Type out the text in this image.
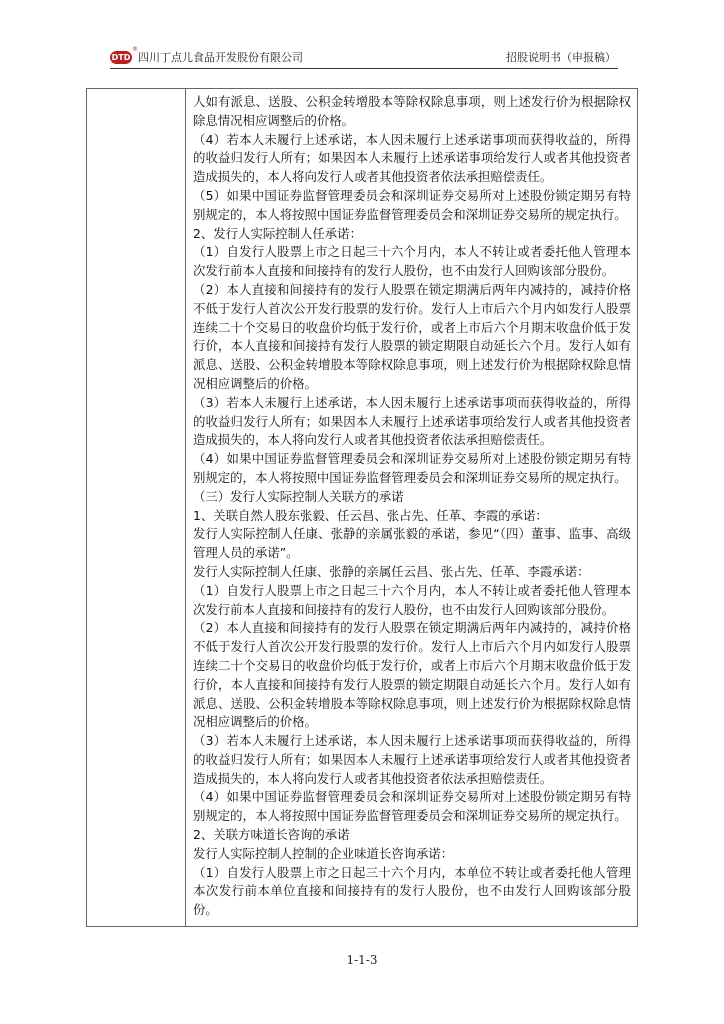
DTD
®
四川丁点儿食品开发股份有限公司	招股说明书（申报稿）

人如有派息、送股、公积金转增股本等除权除息事项，则上述发行价为根据除权除息情况相应调整后的价格。

（4）若本人未履行上述承诺，本人因未履行上述承诺事项而获得收益的，所得的收益归发行人所有；如果因本人未履行上述承诺事项给发行人或者其他投资者造成损失的，本人将向发行人或者其他投资者依法承担赔偿责任。

（5）如果中国证券监督管理委员会和深圳证券交易所对上述股份锁定期另有特别规定的，本人将按照中国证券监督管理委员会和深圳证券交易所的规定执行。

2、发行人实际控制人任承诺：

（1）自发行人股票上市之日起三十六个月内，本人不转让或者委托他人管理本次发行前本人直接和间接持有的发行人股份，也不由发行人回购该部分股份。

（2）本人直接和间接持有的发行人股票在锁定期满后两年内减持的，减持价格不低于发行人首次公开发行股票的发行价。发行人上市后六个月内如发行人股票连续二十个交易日的收盘价均低于发行价，或者上市后六个月期末收盘价低于发行价，本人直接和间接持有发行人股票的锁定期限自动延长六个月。发行人如有派息、送股、公积金转增股本等除权除息事项，则上述发行价为根据除权除息情况相应调整后的价格。

（3）若本人未履行上述承诺，本人因未履行上述承诺事项而获得收益的，所得的收益归发行人所有；如果因本人未履行上述承诺事项给发行人或者其他投资者造成损失的，本人将向发行人或者其他投资者依法承担赔偿责任。

（4）如果中国证券监督管理委员会和深圳证券交易所对上述股份锁定期另有特别规定的，本人将按照中国证券监督管理委员会和深圳证券交易所的规定执行。

（三）发行人实际控制人关联方的承诺

1、关联自然人股东张毅、任云昌、张占先、任革、李霞的承诺：

发行人实际控制人任康、张静的亲属张毅的承诺，参见“（四）董事、监事、高级管理人员的承诺”。

发行人实际控制人任康、张静的亲属任云昌、张占先、任革、李霞承诺：

（1）自发行人股票上市之日起三十六个月内，本人不转让或者委托他人管理本次发行前本人直接和间接持有的发行人股份，也不由发行人回购该部分股份。

（2）本人直接和间接持有的发行人股票在锁定期满后两年内减持的，减持价格不低于发行人首次公开发行股票的发行价。发行人上市后六个月内如发行人股票连续二十个交易日的收盘价均低于发行价，或者上市后六个月期末收盘价低于发行价，本人直接和间接持有发行人股票的锁定期限自动延长六个月。发行人如有派息、送股、公积金转增股本等除权除息事项，则上述发行价为根据除权除息情况相应调整后的价格。

（3）若本人未履行上述承诺，本人因未履行上述承诺事项而获得收益的，所得的收益归发行人所有；如果因本人未履行上述承诺事项给发行人或者其他投资者造成损失的，本人将向发行人或者其他投资者依法承担赔偿责任。

（4）如果中国证券监督管理委员会和深圳证券交易所对上述股份锁定期另有特别规定的，本人将按照中国证券监督管理委员会和深圳证券交易所的规定执行。

2、关联方味道长咨询的承诺

发行人实际控制人控制的企业味道长咨询承诺：

（1）自发行人股票上市之日起三十六个月内，本单位不转让或者委托他人管理本次发行前本单位直接和间接持有的发行人股份，也不由发行人回购该部分股份。

1-1-3
